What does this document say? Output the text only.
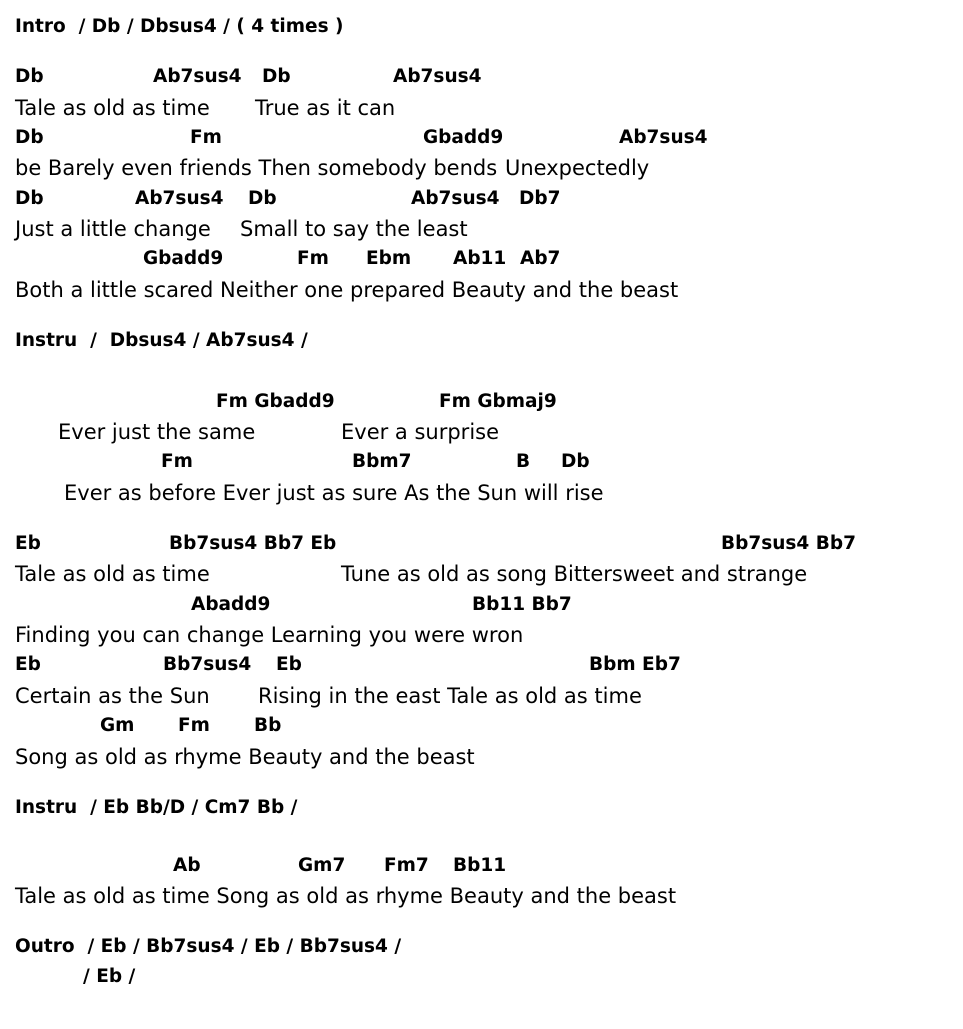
Intro  / Db / Dbsus4 / ( 4 times )
Db	Ab7sus4 Db	Ab7sus4
Tale as old as time True as it can
Db	Fm	Gbadd9	Ab7sus4
be Barely even friends Then somebody bends Unexpectedly
Db	Ab7sus4 Db	Ab7sus4 Db7
Just a little change Small to say the least
Gbadd9	Fm Ebm Ab11 Ab7
Both a little scared Neither one prepared Beauty and the beast
Instru  /  Dbsus4 / Ab7sus4 /
Fm Gbadd9	Fm Gbmaj9
Ever just the same	Ever a surprise
Fm	Bbm7	B Db
Ever as before Ever just as sure As the Sun will rise
Eb	Bb7sus4 Bb7 Eb	Bb7sus4 Bb7
Tale as old as time	Tune as old as song Bittersweet and strange
Abadd9	Bb11 Bb7
Finding you can change Learning you were wron
Eb	Bb7sus4 Eb	Bbm Eb7
Certain as the Sun Rising in the east Tale as old as time
Gm Fm Bb
Song as old as rhyme Beauty and the beast
Instru  / Eb Bb/D / Cm7 Bb /
Ab	Gm7 Fm7 Bb11
Tale as old as time Song as old as rhyme Beauty and the beast
Outro  / Eb / Bb7sus4 / Eb / Bb7sus4 /
/ Eb /
